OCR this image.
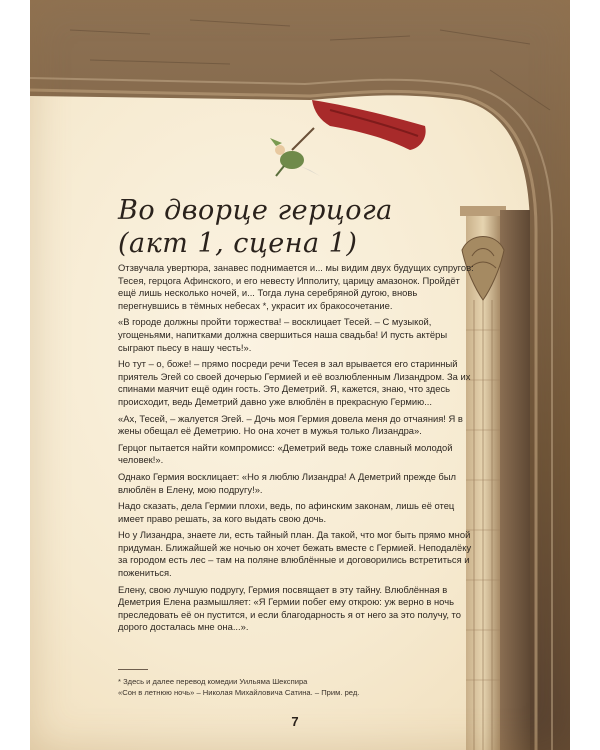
Во дворце герцога
(акт 1, сцена 1)

Отзвучала увертюра, занавес поднимается и... мы видим двух будущих супругов: Тесея, герцога Афинского, и его невесту Ипполиту, царицу амазонок. Пройдёт ещё лишь несколько ночей, и... Тогда луна серебряной дугою, вновь перегнувшись в тёмных небесах *, украсит их бракосочетание.

«В городе должны пройти торжества! – восклицает Тесей. – С музыкой, угощеньями, напитками должна свершиться наша свадьба! И пусть актёры сыграют пьесу в нашу честь!».

Но тут – о, боже! – прямо посреди речи Тесея в зал врывается его старинный приятель Эгей со своей дочерью Гермией и её возлюбленным Лизандром. За их спинами маячит ещё один гость. Это Деметрий. Я, кажется, знаю, что здесь происходит, ведь Деметрий давно уже влюблён в прекрасную Гермию...

«Ах, Тесей, – жалуется Эгей. – Дочь моя Гермия довела меня до отчаяния! Я в жены обещал её Деметрию. Но она хочет в мужья только Лизандра».

Герцог пытается найти компромисс: «Деметрий ведь тоже славный молодой человек!».

Однако Гермия восклицает: «Но я люблю Лизандра! А Деметрий прежде был влюблён в Елену, мою подругу!».

Надо сказать, дела Гермии плохи, ведь, по афинским законам, лишь её отец имеет право решать, за кого выдать свою дочь.

Но у Лизандра, знаете ли, есть тайный план. Да такой, что мог быть прямо мной придуман. Ближайшей же ночью он хочет бежать вместе с Гермией. Неподалёку за городом есть лес – там на поляне влюблённые и договорились встретиться и пожениться.

Елену, свою лучшую подругу, Гермия посвящает в эту тайну. Влюблённая в Деметрия Елена размышляет: «Я Гермии побег ему открою: уж верно в ночь преследовать её он пустится, и если благодарность я от него за это получу, то дорого досталась мне она...».

* Здесь и далее перевод комедии Уильяма Шекспира
«Сон в летнюю ночь» – Николая Михайловича Сатина. – Прим. ред.

7
